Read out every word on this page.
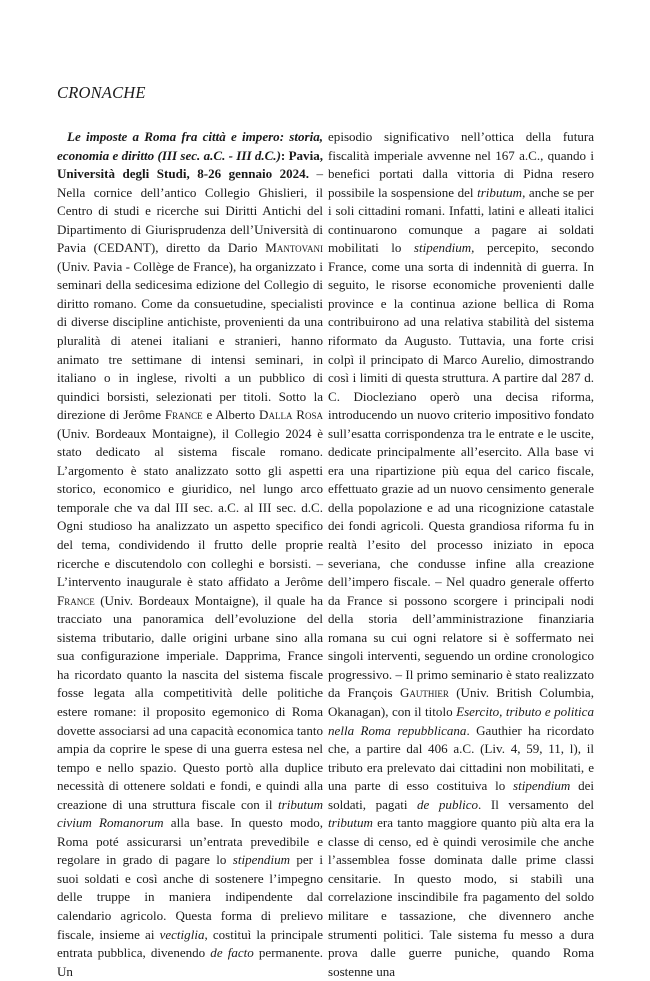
CRONACHE

Le imposte a Roma fra città e impero: storia, economia e diritto (III sec. a.C. - III d.C.): Pavia, Università degli Studi, 8-26 gennaio 2024. – Nella cornice dell’antico Collegio Ghislieri, il Centro di studi e ricerche sui Diritti Antichi del Dipartimento di Giurisprudenza dell’Università di Pavia (CEDANT), diretto da Dario Mantovani (Univ. Pavia - Collège de France), ha organizzato i seminari della sedicesima edizione del Collegio di diritto romano. Come da consuetudine, specialisti di diverse discipline antichiste, provenienti da una pluralità di atenei italiani e stranieri, hanno animato tre settimane di intensi seminari, in italiano o in inglese, rivolti a un pubblico di quindici borsisti, selezionati per titoli. Sotto la direzione di Jerôme France e Alberto Dalla Rosa (Univ. Bordeaux Montaigne), il Collegio 2024 è stato dedicato al sistema fiscale romano. L’argomento è stato analizzato sotto gli aspetti storico, economico e giuridico, nel lungo arco temporale che va dal III sec. a.C. al III sec. d.C. Ogni studioso ha analizzato un aspetto specifico del tema, condividendo il frutto delle proprie ricerche e discutendolo con colleghi e borsisti. – L’intervento inaugurale è stato affidato a Jerôme France (Univ. Bordeaux Montaigne), il quale ha tracciato una panoramica dell’evoluzione del sistema tributario, dalle origini urbane sino alla sua configurazione imperiale. Dapprima, France ha ricordato quanto la nascita del sistema fiscale fosse legata alla competitività delle politiche estere romane: il proposito egemonico di Roma dovette associarsi ad una capacità economica tanto ampia da coprire le spese di una guerra estesa nel tempo e nello spazio. Questo portò alla duplice necessità di ottenere soldati e fondi, e quindi alla creazione di una struttura fiscale con il tributum civium Romanorum alla base. In questo modo, Roma poté assicurarsi un’entrata prevedibile e regolare in grado di pagare lo stipendium per i suoi soldati e così anche di sostenere l’impegno delle truppe in maniera indipendente dal calendario agricolo. Questa forma di prelievo fiscale, insieme ai vectiglia, costituì la principale entrata pubblica, divenendo de facto permanente. Un

episodio significativo nell’ottica della futura fiscalità imperiale avvenne nel 167 a.C., quando i benefici portati dalla vittoria di Pidna resero possibile la sospensione del tributum, anche se per i soli cittadini romani. Infatti, latini e alleati italici continuarono comunque a pagare ai soldati mobilitati lo stipendium, percepito, secondo France, come una sorta di indennità di guerra. In seguito, le risorse economiche provenienti dalle province e la continua azione bellica di Roma contribuirono ad una relativa stabilità del sistema riformato da Augusto. Tuttavia, una forte crisi colpì il principato di Marco Aurelio, dimostrando così i limiti di questa struttura. A partire dal 287 d. C. Diocleziano operò una decisa riforma, introducendo un nuovo criterio impositivo fondato sull’esatta corrispondenza tra le entrate e le uscite, dedicate principalmente all’esercito. Alla base vi era una ripartizione più equa del carico fiscale, effettuato grazie ad un nuovo censimento generale della popolazione e ad una ricognizione catastale dei fondi agricoli. Questa grandiosa riforma fu in realtà l’esito del processo iniziato in epoca severiana, che condusse infine alla creazione dell’impero fiscale. – Nel quadro generale offerto da France si possono scorgere i principali nodi della storia dell’amministrazione finanziaria romana su cui ogni relatore si è soffermato nei singoli interventi, seguendo un ordine cronologico progressivo. – Il primo seminario è stato realizzato da François Gauthier (Univ. British Columbia, Okanagan), con il titolo Esercito, tributo e politica nella Roma repubblicana. Gauthier ha ricordato che, a partire dal 406 a.C. (Liv. 4, 59, 11, l), il tributo era prelevato dai cittadini non mobilitati, e una parte di esso costituiva lo stipendium dei soldati, pagati de publico. Il versamento del tributum era tanto maggiore quanto più alta era la classe di censo, ed è quindi verosimile che anche l’assemblea fosse dominata dalle prime classi censitarie. In questo modo, si stabilì una correlazione inscindibile fra pagamento del soldo militare e tassazione, che divennero anche strumenti politici. Tale sistema fu messo a dura prova dalle guerre puniche, quando Roma sostenne una
